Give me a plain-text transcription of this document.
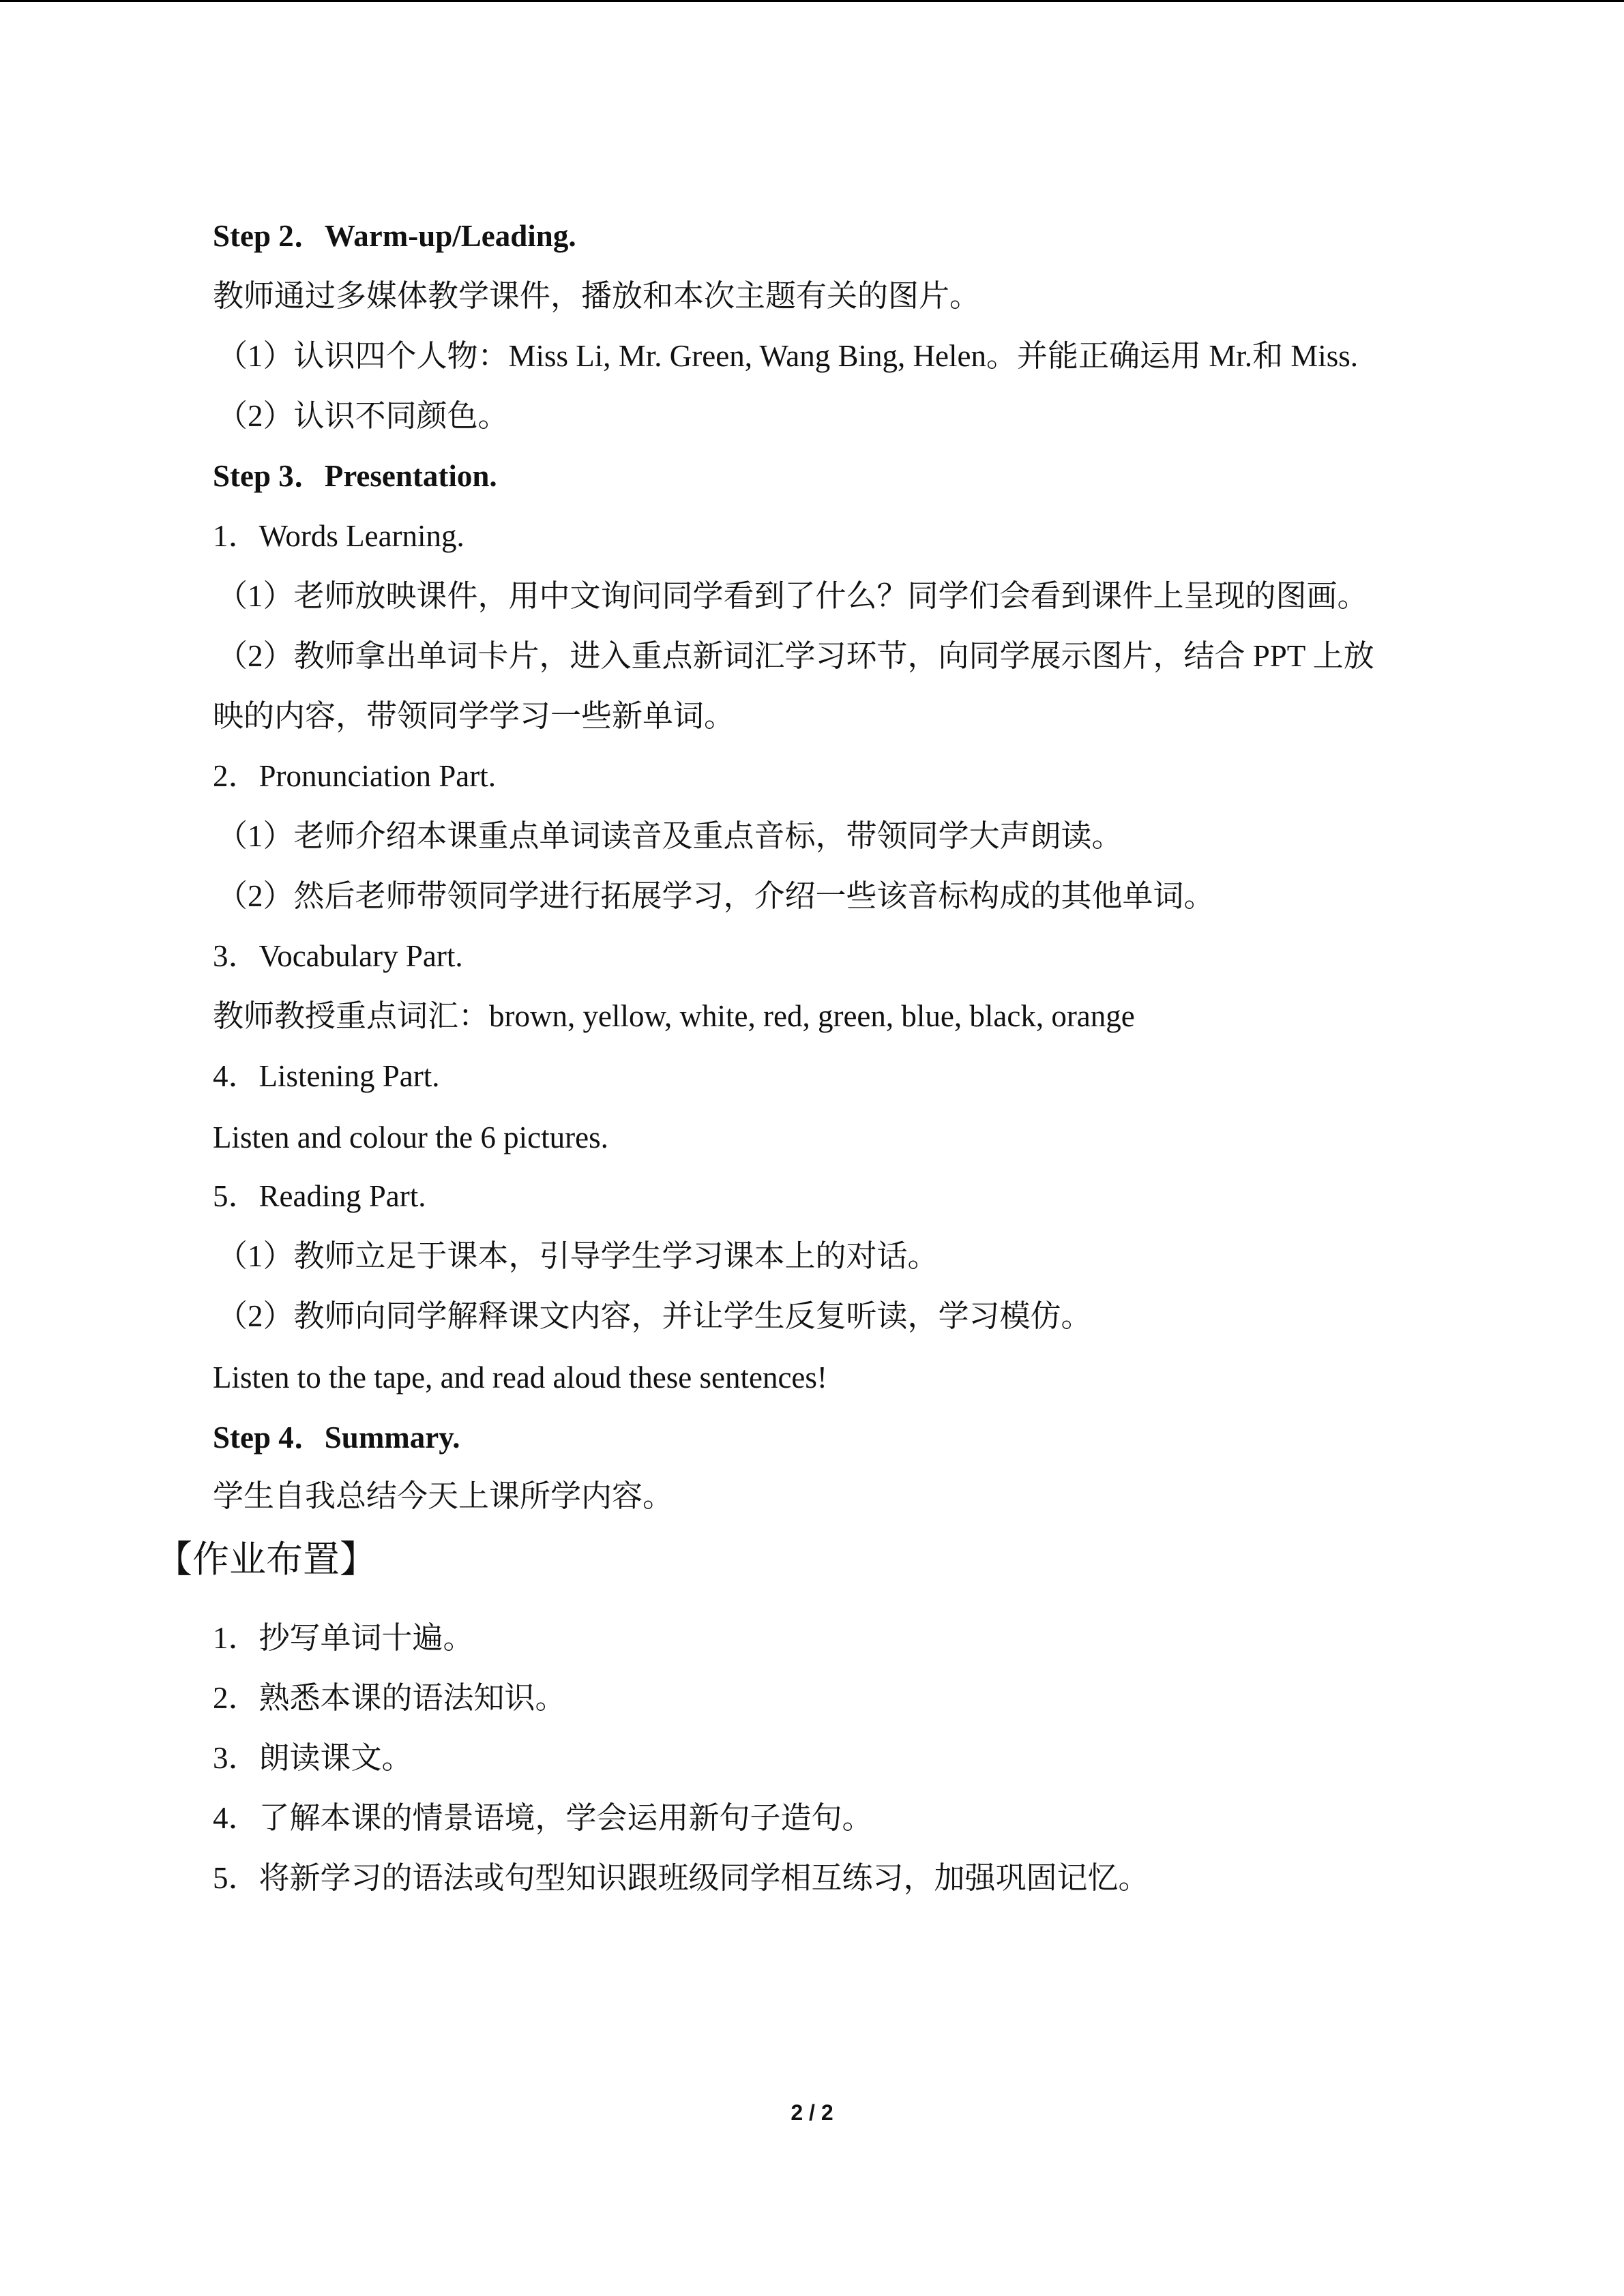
Step 2．Warm-up/Leading.
教师通过多媒体教学课件，播放和本次主题有关的图片。
（1）认识四个人物：Miss Li, Mr. Green, Wang Bing, Helen。并能正确运用 Mr.和 Miss.
（2）认识不同颜色。
Step 3．Presentation.
1．Words Learning.
（1）老师放映课件，用中文询问同学看到了什么？同学们会看到课件上呈现的图画。
（2）教师拿出单词卡片，进入重点新词汇学习环节，向同学展示图片，结合 PPT 上放
映的内容，带领同学学习一些新单词。
2．Pronunciation Part.
（1）老师介绍本课重点单词读音及重点音标，带领同学大声朗读。
（2）然后老师带领同学进行拓展学习，介绍一些该音标构成的其他单词。
3．Vocabulary Part.
教师教授重点词汇：brown, yellow, white, red, green, blue, black, orange
4．Listening Part.
Listen and colour the 6 pictures.
5．Reading Part.
（1）教师立足于课本，引导学生学习课本上的对话。
（2）教师向同学解释课文内容，并让学生反复听读，学习模仿。
Listen to the tape, and read aloud these sentences!
Step 4．Summary.
学生自我总结今天上课所学内容。
【作业布置】
1．抄写单词十遍。
2．熟悉本课的语法知识。
3．朗读课文。
4．了解本课的情景语境，学会运用新句子造句。
5．将新学习的语法或句型知识跟班级同学相互练习，加强巩固记忆。
2 / 2
